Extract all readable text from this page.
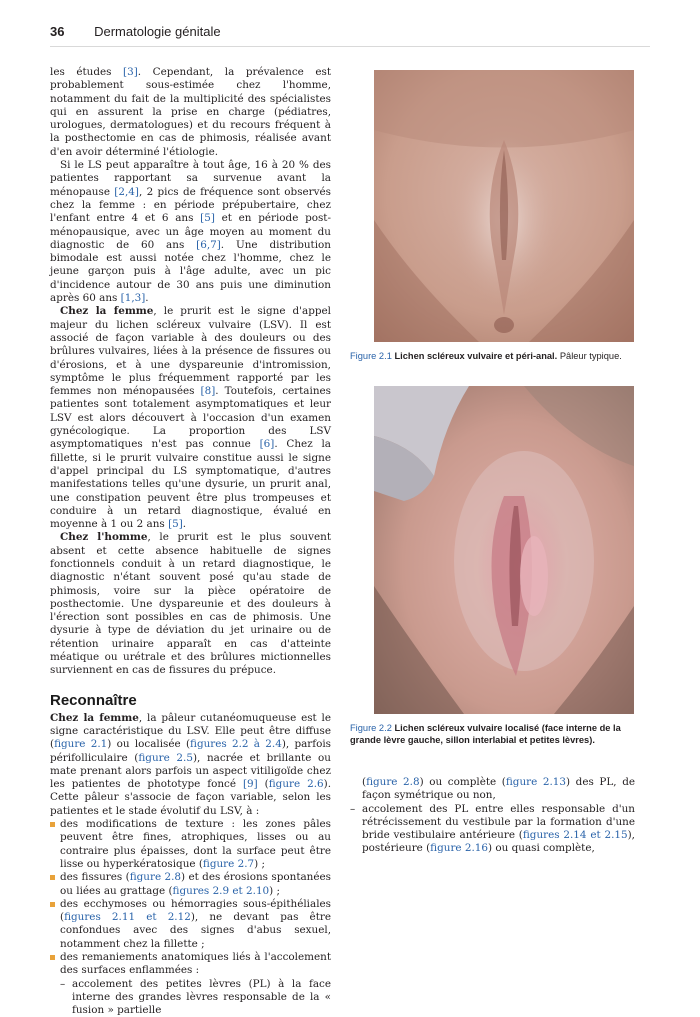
36 Dermatologie génitale

les études [3]. Cependant, la prévalence est probablement sous-estimée chez l'homme, notamment du fait de la multiplicité des spécialistes qui en assurent la prise en charge (pédiatres, urologues, dermatologues) et du recours fréquent à la posthectomie en cas de phimosis, réalisée avant d'en avoir déterminé l'étiologie.

Si le LS peut apparaître à tout âge, 16 à 20 % des patientes rapportant sa survenue avant la ménopause [2,4], 2 pics de fréquence sont observés chez la femme : en période prépubertaire, chez l'enfant entre 4 et 6 ans [5] et en période post-ménopausique, avec un âge moyen au moment du diagnostic de 60 ans [6,7]. Une distribution bimodale est aussi notée chez l'homme, chez le jeune garçon puis à l'âge adulte, avec un pic d'incidence autour de 30 ans puis une diminution après 60 ans [1,3].

Chez la femme, le prurit est le signe d'appel majeur du lichen scléreux vulvaire (LSV). Il est associé de façon variable à des douleurs ou des brûlures vulvaires, liées à la présence de fissures ou d'érosions, et à une dyspareunie d'intromission, symptôme le plus fréquemment rapporté par les femmes non ménopausées [8]. Toutefois, certaines patientes sont totalement asymptomatiques et leur LSV est alors découvert à l'occasion d'un examen gynécologique. La proportion des LSV asymptomatiques n'est pas connue [6]. Chez la fillette, si le prurit vulvaire constitue aussi le signe d'appel principal du LS symptomatique, d'autres manifestations telles qu'une dysurie, un prurit anal, une constipation peuvent être plus trompeuses et conduire à un retard diagnostique, évalué en moyenne à 1 ou 2 ans [5].

Chez l'homme, le prurit est le plus souvent absent et cette absence habituelle de signes fonctionnels conduit à un retard diagnostique, le diagnostic n'étant souvent posé qu'au stade de phimosis, voire sur la pièce opératoire de posthectomie. Une dyspareunie et des douleurs à l'érection sont possibles en cas de phimosis. Une dysurie à type de déviation du jet urinaire ou de rétention urinaire apparaît en cas d'atteinte méatique ou urétrale et des brûlures mictionnelles surviennent en cas de fissures du prépuce.

Reconnaître

Chez la femme, la pâleur cutanéomuqueuse est le signe caractéristique du LSV. Elle peut être diffuse (figure 2.1) ou localisée (figures 2.2 à 2.4), parfois périfolliculaire (figure 2.5), nacrée et brillante ou mate prenant alors parfois un aspect vitiligoïde chez les patientes de phototype foncé [9] (figure 2.6). Cette pâleur s'associe de façon variable, selon les patientes et le stade évolutif du LSV, à :

des modifications de texture : les zones pâles peuvent être fines, atrophiques, lisses ou au contraire plus épaisses, dont la surface peut être lisse ou hyperkératosique (figure 2.7) ;
des fissures (figure 2.8) et des érosions spontanées ou liées au grattage (figures 2.9 et 2.10) ;
des ecchymoses ou hémorragies sous-épithéliales (figures 2.11 et 2.12), ne devant pas être confondues avec des signes d'abus sexuel, notamment chez la fillette ;
des remaniements anatomiques liés à l'accolement des surfaces enflammées :
– accolement des petites lèvres (PL) à la face interne des grandes lèvres responsable de la « fusion » partielle
Figure 2.1 Lichen scléreux vulvaire et péri-anal. Pâleur typique.
Figure 2.2 Lichen scléreux vulvaire localisé (face interne de la grande lèvre gauche, sillon interlabial et petites lèvres).
(figure 2.8) ou complète (figure 2.13) des PL, de façon symétrique ou non,
– accolement des PL entre elles responsable d'un rétrécissement du vestibule par la formation d'une bride vestibulaire antérieure (figures 2.14 et 2.15), postérieure (figure 2.16) ou quasi complète,
